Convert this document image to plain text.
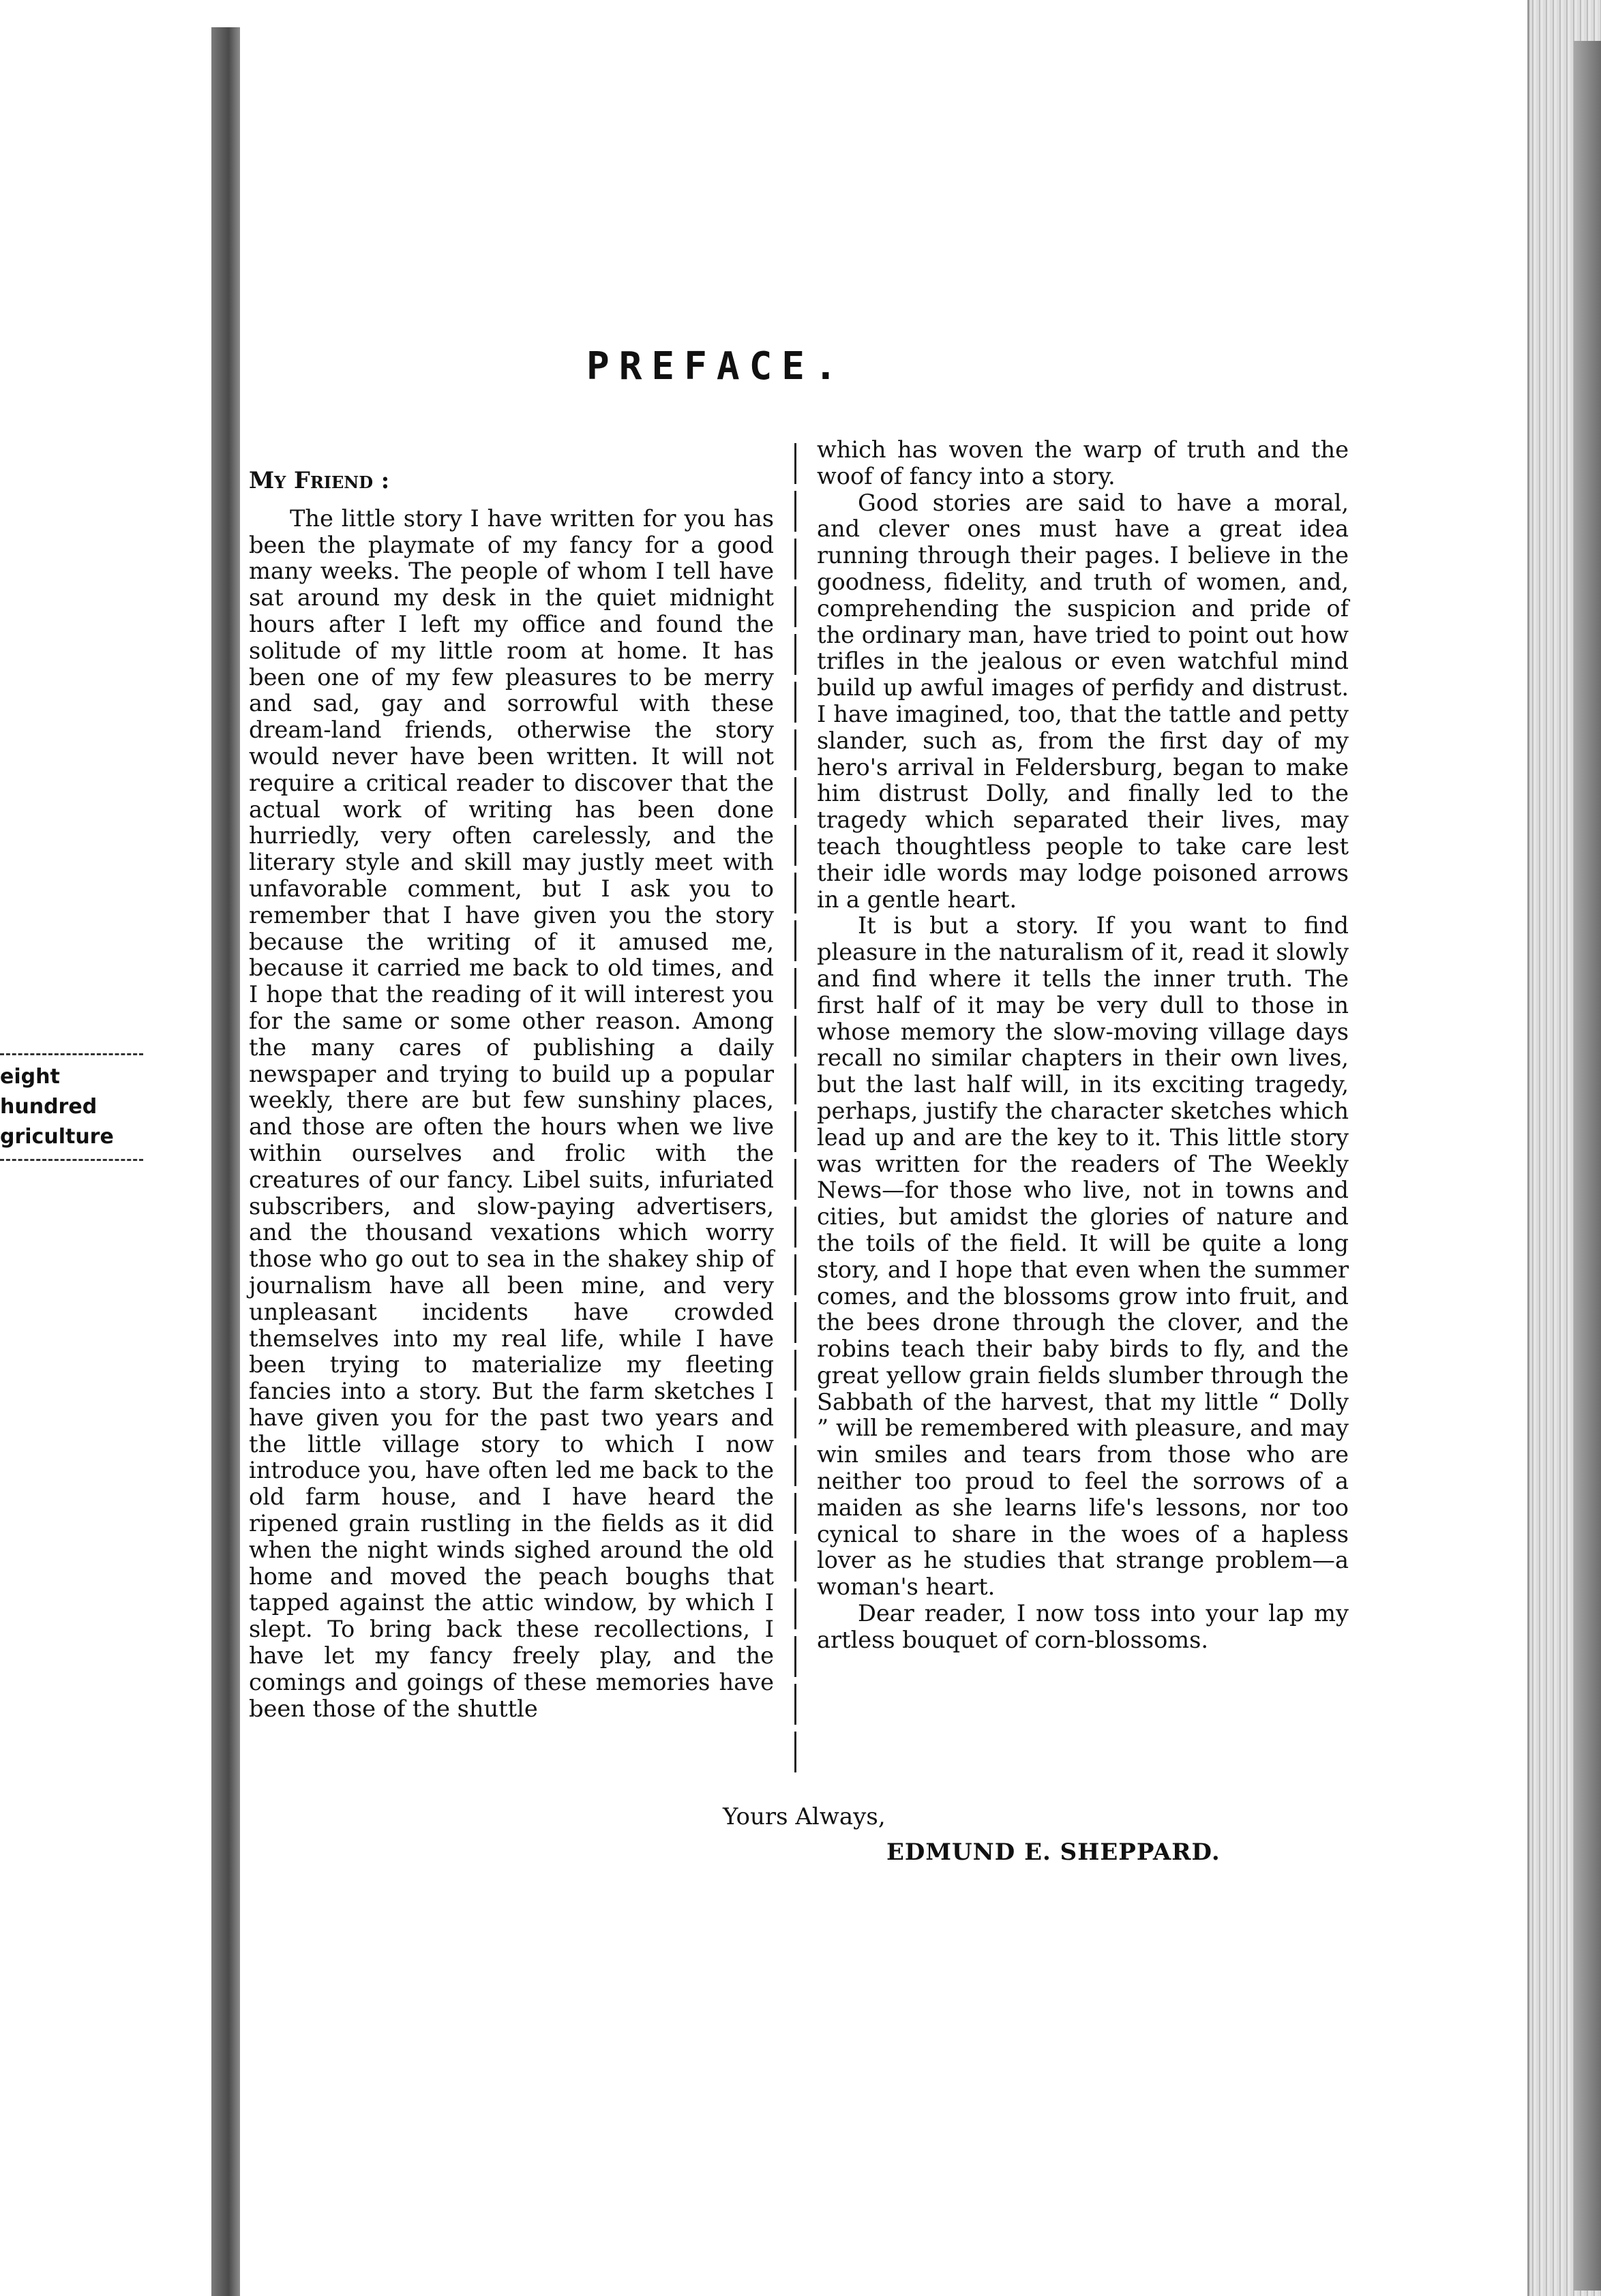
eight hundred
griculture
PREFACE.
My Friend :

The little story I have written for you has been the playmate of my fancy for a good many weeks. The people of whom I tell have sat around my desk in the quiet midnight hours after I left my office and found the solitude of my little room at home. It has been one of my few pleasures to be merry and sad, gay and sorrowful with these dream-land friends, otherwise the story would never have been written. It will not require a critical reader to discover that the actual work of writing has been done hurriedly, very often carelessly, and the literary style and skill may justly meet with unfavorable comment, but I ask you to remember that I have given you the story because the writing of it amused me, because it carried me back to old times, and I hope that the reading of it will interest you for the same or some other reason. Among the many cares of publishing a daily newspaper and trying to build up a popular weekly, there are but few sunshiny places, and those are often the hours when we live within ourselves and frolic with the creatures of our fancy. Libel suits, infuriated subscribers, and slow-paying advertisers, and the thousand vexations which worry those who go out to sea in the shakey ship of journalism have all been mine, and very unpleasant incidents have crowded themselves into my real life, while I have been trying to materialize my fleeting fancies into a story. But the farm sketches I have given you for the past two years and the little village story to which I now introduce you, have often led me back to the old farm house, and I have heard the ripened grain rustling in the fields as it did when the night winds sighed around the old home and moved the peach boughs that tapped against the attic window, by which I slept. To bring back these recollections, I have let my fancy freely play, and the comings and goings of these memories have been those of the shuttle

which has woven the warp of truth and the woof of fancy into a story.

Good stories are said to have a moral, and clever ones must have a great idea running through their pages. I believe in the goodness, fidelity, and truth of women, and, comprehending the suspicion and pride of the ordinary man, have tried to point out how trifles in the jealous or even watchful mind build up awful images of perfidy and distrust. I have imagined, too, that the tattle and petty slander, such as, from the first day of my hero's arrival in Feldersburg, began to make him distrust Dolly, and finally led to the tragedy which separated their lives, may teach thoughtless people to take care lest their idle words may lodge poisoned arrows in a gentle heart.

It is but a story. If you want to find pleasure in the naturalism of it, read it slowly and find where it tells the inner truth. The first half of it may be very dull to those in whose memory the slow-moving village days recall no similar chapters in their own lives, but the last half will, in its exciting tragedy, perhaps, justify the character sketches which lead up and are the key to it. This little story was written for the readers of The Weekly News—for those who live, not in towns and cities, but amidst the glories of nature and the toils of the field. It will be quite a long story, and I hope that even when the summer comes, and the blossoms grow into fruit, and the bees drone through the clover, and the robins teach their baby birds to fly, and the great yellow grain fields slumber through the Sabbath of the harvest, that my little “ Dolly ” will be remembered with pleasure, and may win smiles and tears from those who are neither too proud to feel the sorrows of a maiden as she learns life's lessons, nor too cynical to share in the woes of a hapless lover as he studies that strange problem—a woman's heart.

Dear reader, I now toss into your lap my artless bouquet of corn-blossoms.

Yours Always,
EDMUND E. SHEPPARD.
